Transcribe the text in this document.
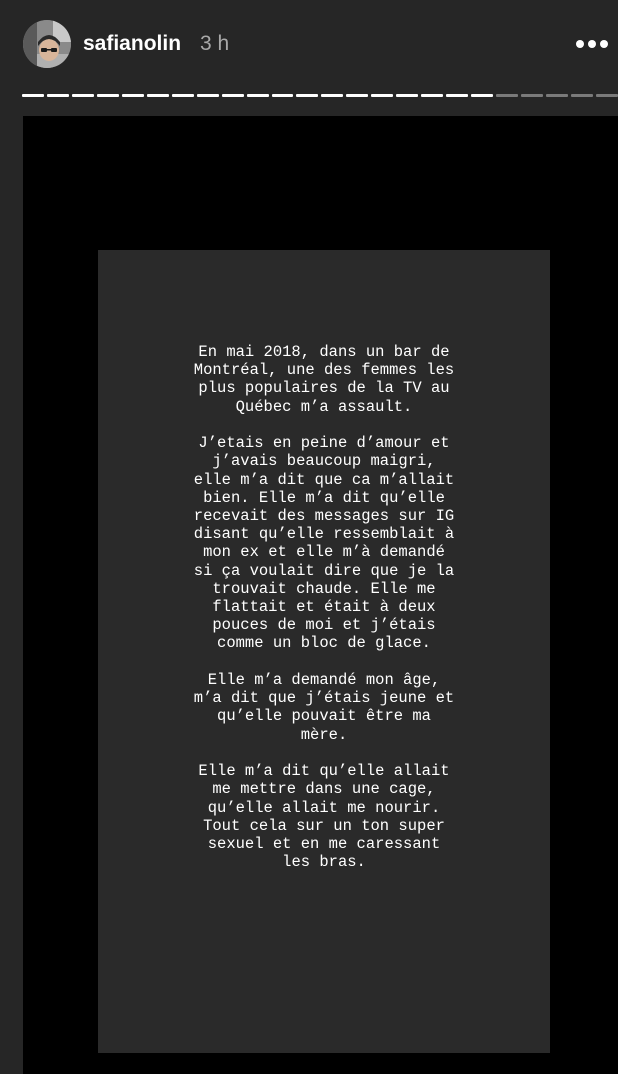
safianolin 3 h

En mai 2018, dans un bar de Montréal, une des femmes les plus populaires de la TV au Québec m’a assault.

J’etais en peine d’amour et j’avais beaucoup maigri, elle m’a dit que ca m’allait bien. Elle m’a dit qu’elle recevait des messages sur IG disant qu’elle ressemblait à mon ex et elle m’à demandé si ça voulait dire que je la trouvait chaude. Elle me flattait et était à deux pouces de moi et j’étais comme un bloc de glace.

Elle m’a demandé mon âge, m’a dit que j’étais jeune et qu’elle pouvait être ma mère.

Elle m’a dit qu’elle allait me mettre dans une cage, qu’elle allait me nourir. Tout cela sur un ton super sexuel et en me caressant les bras.
